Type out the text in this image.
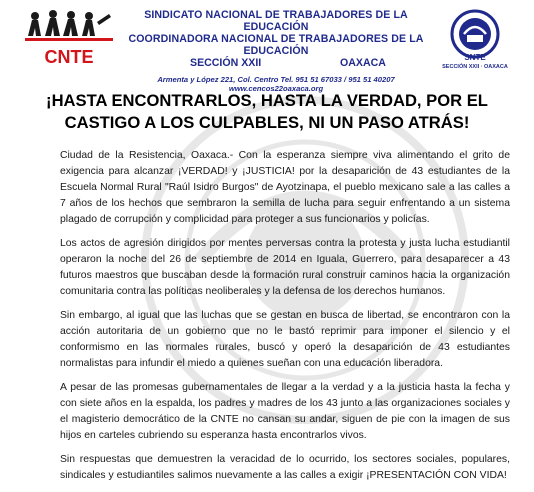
CNTE
SINDICATO NACIONAL DE TRABAJADORES DE LA EDUCACIÓN
COORDINADORA NACIONAL DE TRABAJADORES DE LA EDUCACIÓN
SECCIÓN XXII	OAXACA
Armenta y López 221, Col. Centro Tel. 951 51 67033 / 951 51 40207
www.cencos22oaxaca.org
SNTE
SECCIÓN XXII · OAXACA
¡HASTA ENCONTRARLOS, HASTA LA VERDAD, POR EL CASTIGO A LOS CULPABLES, NI UN PASO ATRÁS!

Ciudad de la Resistencia, Oaxaca.- Con la esperanza siempre viva alimentando el grito de exigencia para alcanzar ¡VERDAD! y ¡JUSTICIA! por la desaparición de 43 estudiantes de la Escuela Normal Rural "Raúl Isidro Burgos" de Ayotzinapa, el pueblo mexicano sale a las calles a 7 años de los hechos que sembraron la semilla de lucha para seguir enfrentando a un sistema plagado de corrupción y complicidad para proteger a sus funcionarios y policías.

Los actos de agresión dirigidos por mentes perversas contra la protesta y justa lucha estudiantil operaron la noche del 26 de septiembre de 2014 en Iguala, Guerrero, para desaparecer a 43 futuros maestros que buscaban desde la formación rural construir caminos hacia la organización comunitaria contra las políticas neoliberales y la defensa de los derechos humanos.

Sin embargo, al igual que las luchas que se gestan en busca de libertad, se encontraron con la acción autoritaria de un gobierno que no le bastó reprimir para imponer el silencio y el conformismo en las normales rurales, buscó y operó la desaparición de 43 estudiantes normalistas para infundir el miedo a quienes sueñan con una educación liberadora.

A pesar de las promesas gubernamentales de llegar a la verdad y a la justicia hasta la fecha y con siete años en la espalda, los padres y madres de los 43 junto a las organizaciones sociales y el magisterio democrático de la CNTE no cansan su andar, siguen de pie con la imagen de sus hijos en carteles cubriendo su esperanza hasta encontrarlos vivos.

Sin respuestas que demuestren la veracidad de lo ocurrido, los sectores sociales, populares, sindicales y estudiantiles salimos nuevamente a las calles a exigir ¡PRESENTACIÓN CON VIDA!
